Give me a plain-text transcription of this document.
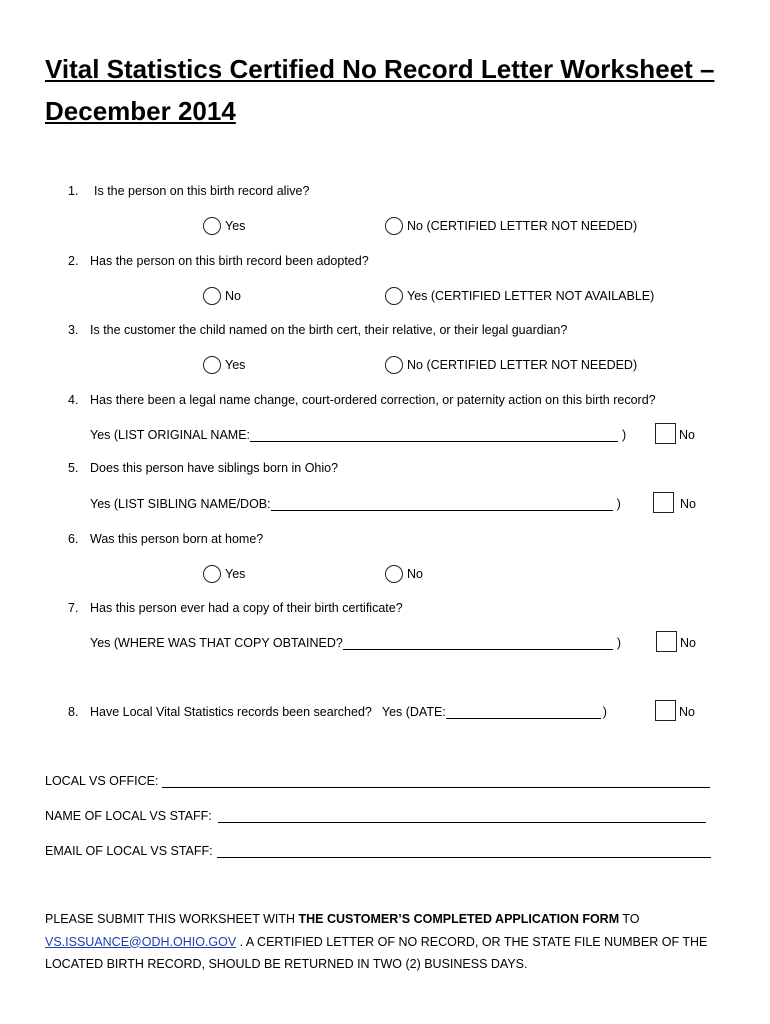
Vital Statistics Certified No Record Letter Worksheet –
December 2014
1. Is the person on this birth record alive?
Yes	No (CERTIFIED LETTER NOT NEEDED)
2. Has the person on this birth record been adopted?
No	Yes (CERTIFIED LETTER NOT AVAILABLE)
3. Is the customer the child named on the birth cert, their relative, or their legal guardian?
Yes	No (CERTIFIED LETTER NOT NEEDED)
4. Has there been a legal name change, court-ordered correction, or paternity action on this birth record?
Yes (LIST ORIGINAL NAME:	)	No
5. Does this person have siblings born in Ohio?
Yes (LIST SIBLING NAME/DOB:	)	No
6. Was this person born at home?
Yes	No
7. Has this person ever had a copy of their birth certificate?
Yes (WHERE WAS THAT COPY OBTAINED?	)	No
8. Have Local Vital Statistics records been searched? Yes (DATE:	)	No
LOCAL VS OFFICE:
NAME OF LOCAL VS STAFF:
EMAIL OF LOCAL VS STAFF:
PLEASE SUBMIT THIS WORKSHEET WITH THE CUSTOMER’S COMPLETED APPLICATION FORM TO
VS.ISSUANCE@ODH.OHIO.GOV . A CERTIFIED LETTER OF NO RECORD, OR THE STATE FILE NUMBER OF THE LOCATED BIRTH RECORD, SHOULD BE RETURNED IN TWO (2) BUSINESS DAYS.
